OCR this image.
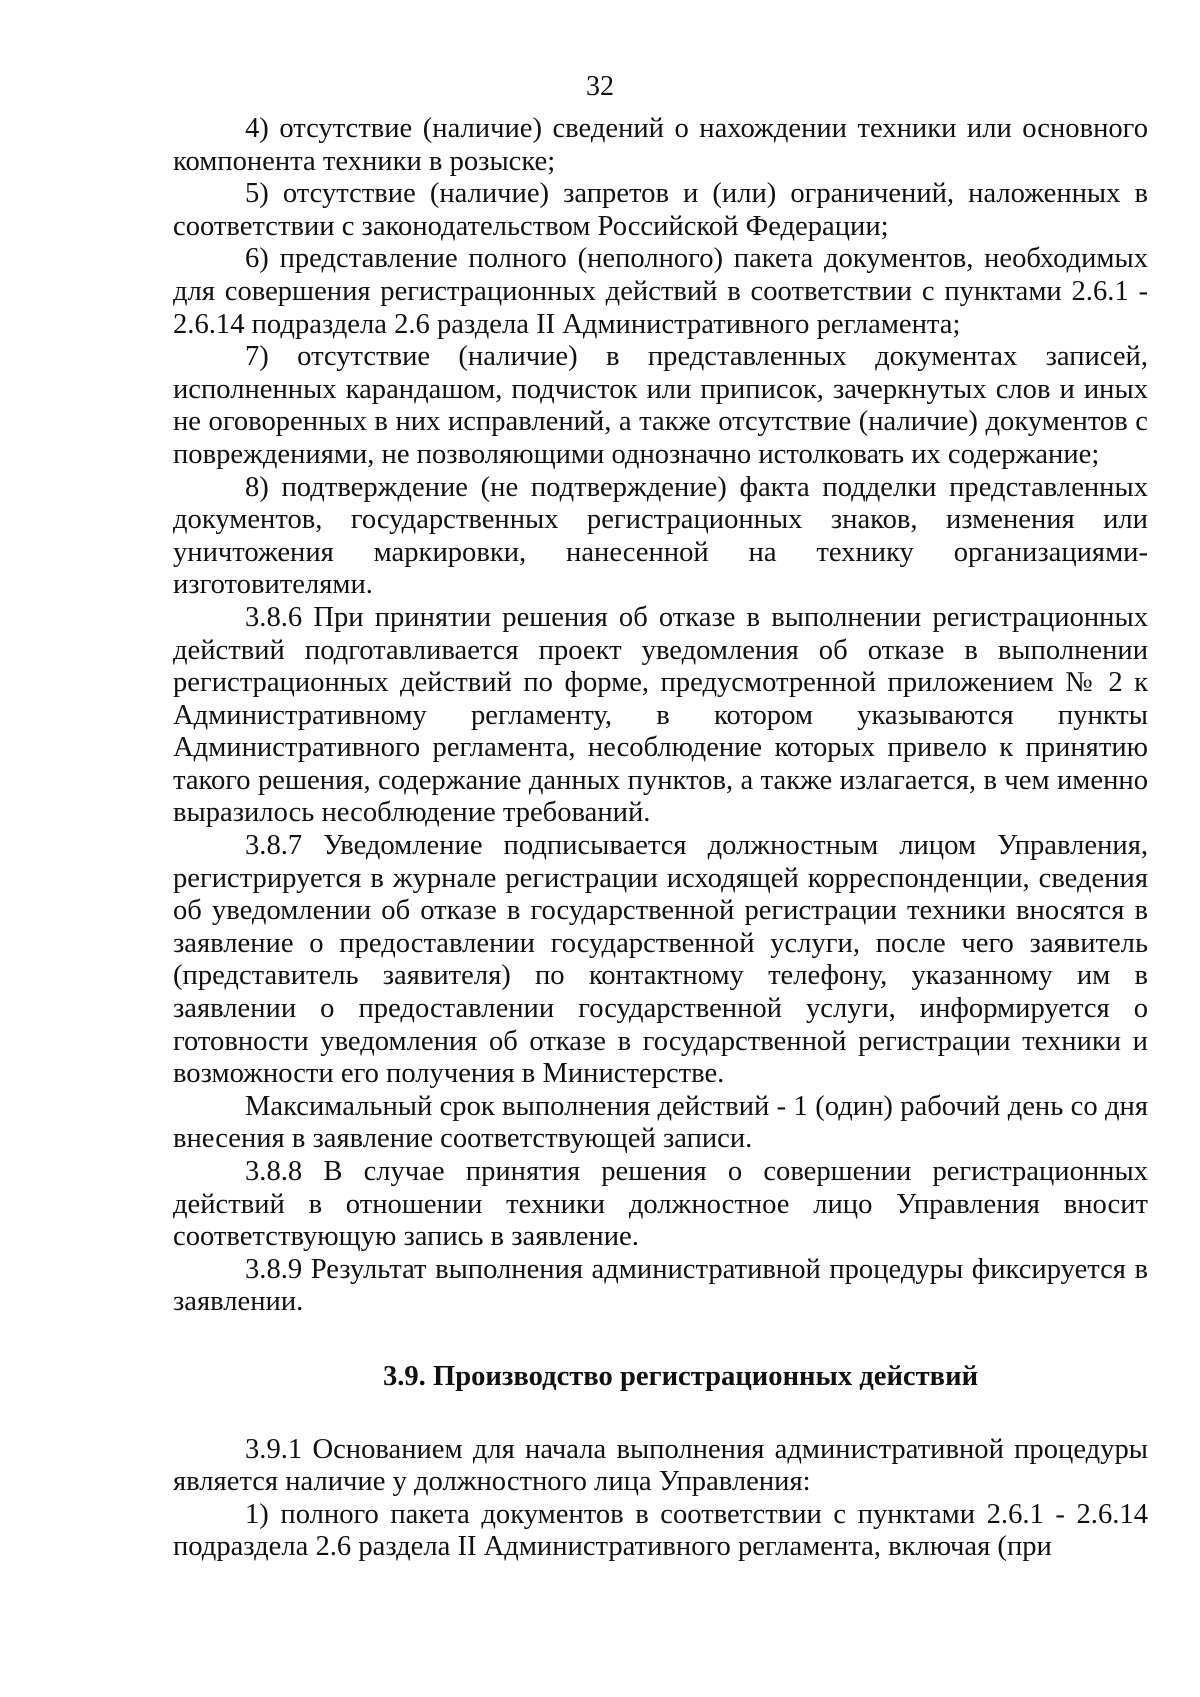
32

4) отсутствие (наличие) сведений о нахождении техники или основного компонента техники в розыске;

5) отсутствие (наличие) запретов и (или) ограничений, наложенных в соответствии с законодательством Российской Федерации;

6) представление полного (неполного) пакета документов, необходимых для совершения регистрационных действий в соответствии с пунктами 2.6.1 - 2.6.14 подраздела 2.6 раздела II Административного регламента;

7) отсутствие (наличие) в представленных документах записей, исполненных карандашом, подчисток или приписок, зачеркнутых слов и иных не оговоренных в них исправлений, а также отсутствие (наличие) документов с повреждениями, не позволяющими однозначно истолковать их содержание;

8) подтверждение (не подтверждение) факта подделки представленных документов, государственных регистрационных знаков, изменения или уничтожения маркировки, нанесенной на технику организациями-изготовителями.

3.8.6 При принятии решения об отказе в выполнении регистрационных действий подготавливается проект уведомления об отказе в выполнении регистрационных действий по форме, предусмотренной приложением № 2 к Административному регламенту, в котором указываются пункты Административного регламента, несоблюдение которых привело к принятию такого решения, содержание данных пунктов, а также излагается, в чем именно выразилось несоблюдение требований.

3.8.7 Уведомление подписывается должностным лицом Управления, регистрируется в журнале регистрации исходящей корреспонденции, сведения об уведомлении об отказе в государственной регистрации техники вносятся в заявление о предоставлении государственной услуги, после чего заявитель (представитель заявителя) по контактному телефону, указанному им в заявлении о предоставлении государственной услуги, информируется о готовности уведомления об отказе в государственной регистрации техники и возможности его получения в Министерстве.

Максимальный срок выполнения действий - 1 (один) рабочий день со дня внесения в заявление соответствующей записи.

3.8.8 В случае принятия решения о совершении регистрационных действий в отношении техники должностное лицо Управления вносит соответствующую запись в заявление.

3.8.9 Результат выполнения административной процедуры фиксируется в заявлении.

3.9. Производство регистрационных действий

3.9.1 Основанием для начала выполнения административной процедуры является наличие у должностного лица Управления:

1) полного пакета документов в соответствии с пунктами 2.6.1 - 2.6.14 подраздела 2.6 раздела II Административного регламента, включая (при
